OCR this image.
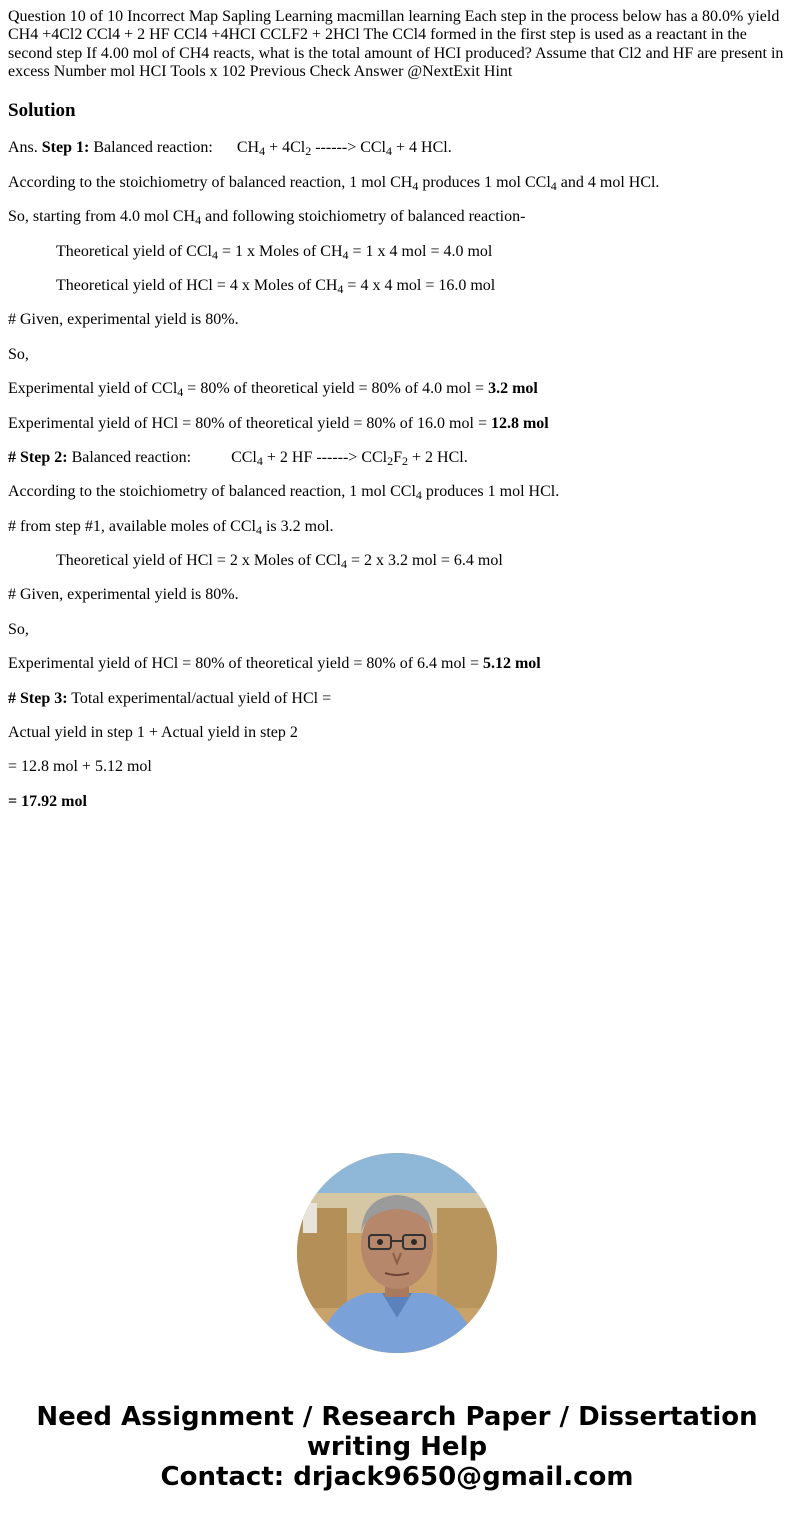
Question 10 of 10 Incorrect Map Sapling Learning macmillan learning Each step in the process below has a 80.0% yield CH4 +4Cl2 CCl4 + 2 HF CCl4 +4HCI CCLF2 + 2HCl The CCl4 formed in the first step is used as a reactant in the second step If 4.00 mol of CH4 reacts, what is the total amount of HCI produced? Assume that Cl2 and HF are present in excess Number mol HCI Tools x 102 Previous Check Answer @NextExit Hint

Solution

Ans. Step 1: Balanced reaction: $CH_4 + 4Cl_2$ ------> CCl$_4$ + 4 HCl.

According to the stoichiometry of balanced reaction, 1 mol $CH_4$ produces 1 mol CCl$_4$ and 4 mol HCl.

So, starting from 4.0 mol $CH_4$ and following stoichiometry of balanced reaction-

Theoretical yield of CCl$_4$ = 1 x Moles of $CH_4 = 1$ x 4 mol = 4.0 mol

Theoretical yield of HCl = 4 x Moles of $CH_4 = 4$ x 4 mol = 16.0 mol

# Given, experimental yield is 80%.

So,

Experimental yield of CCl$_4$ = 80% of theoretical yield = 80% of 4.0 mol = 3.2 mol

Experimental yield of HCl = 80% of theoretical yield = 80% of 16.0 mol = 12.8 mol

# Step 2: Balanced reaction:	CCl$_4$ + 2 HF ------> $CCl_2F_2 + 2$ HCl.

According to the stoichiometry of balanced reaction, 1 mol CCl$_4$ produces 1 mol HCl.

# from step #1, available moles of CCl$_4$ is 3.2 mol.

Theoretical yield of HCl = 2 x Moles of CCl$_4$ = 2 x 3.2 mol = 6.4 mol

# Given, experimental yield is 80%.

So,

Experimental yield of HCl = 80% of theoretical yield = 80% of 6.4 mol = 5.12 mol

# Step 3: Total experimental/actual yield of HCl =

Actual yield in step 1 + Actual yield in step 2

= 12.8 mol + 5.12 mol

= 17.92 mol

Need Assignment / Research Paper / Dissertation
writing Help
Contact: drjack9650@gmail.com
